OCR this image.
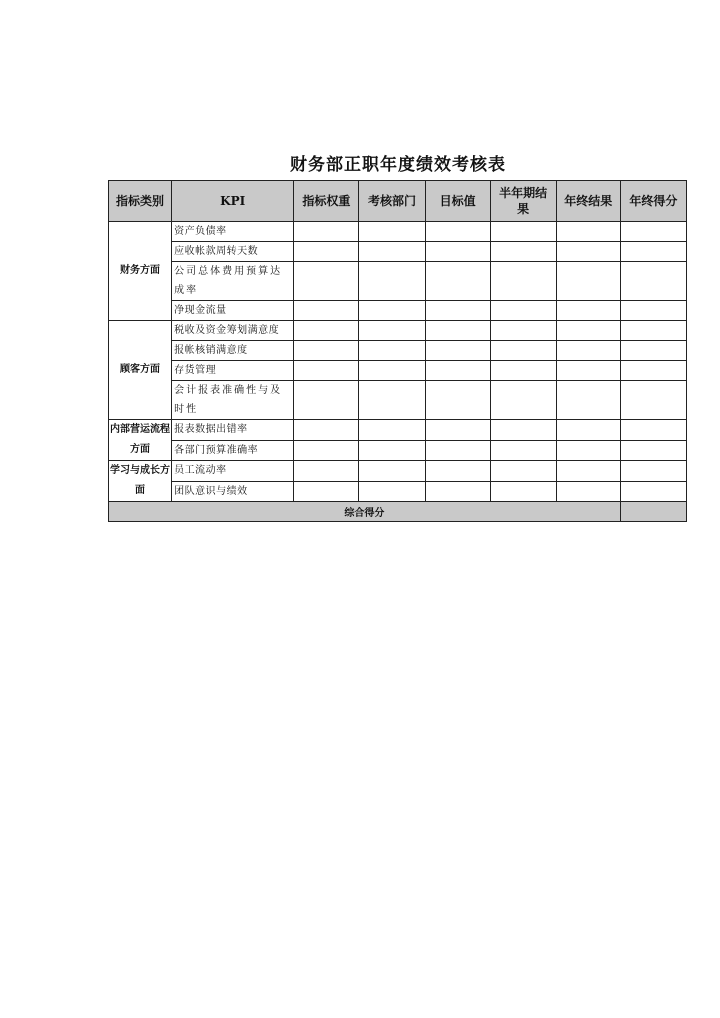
财务部正职年度绩效考核表
指标类别	KPI	指标权重	考核部门	目标值	半年期结果	年终结果	年终得分
财务方面	资产负债率						
	应收帐款周转天数						
	公司总体费用预算达成率						
	净现金流量						
顾客方面	税收及资金筹划满意度						
	报帐核销满意度						
	存货管理						
	会计报表准确性与及时性						
内部营运流程方面	报表数据出错率						
	各部门预算准确率						
学习与成长方面	员工流动率						
	团队意识与绩效						
综合得分							
